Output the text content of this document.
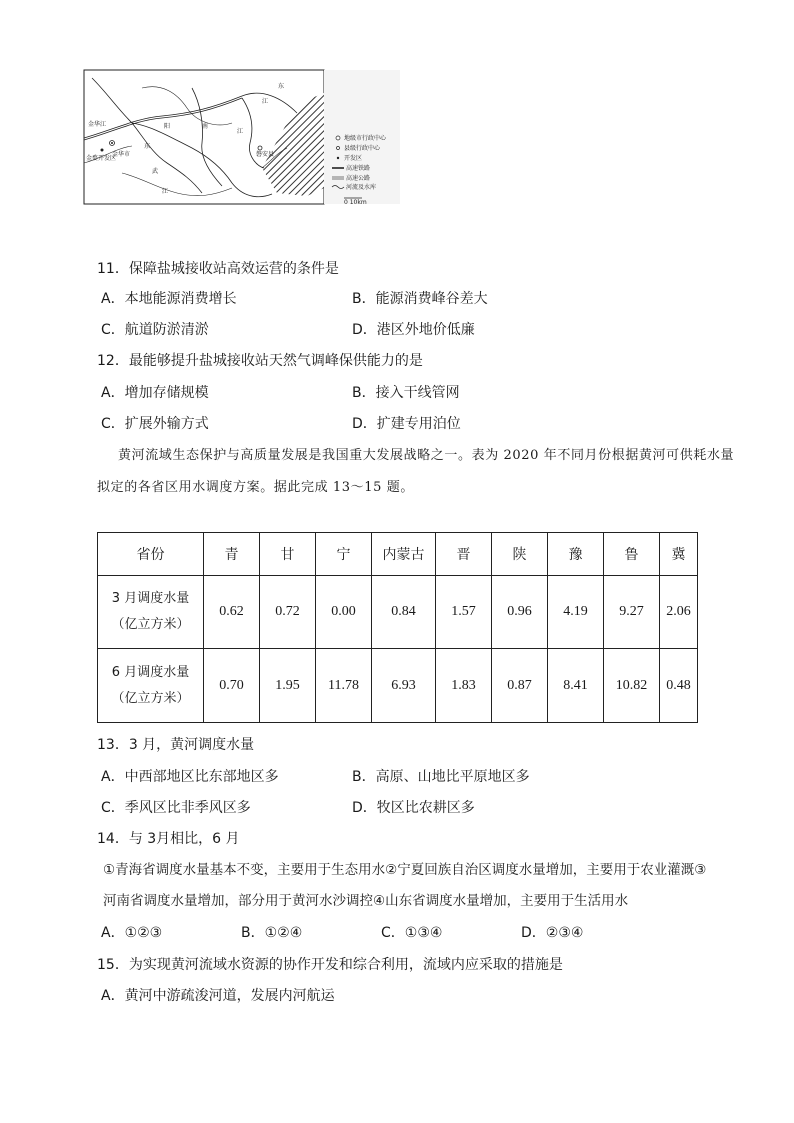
金华江
金婺开发区
金华市
东
阳
武
江
南
江
江
东
磐安县
地级市行政中心
县级行政中心
开发区
高速铁路
高速公路
河流及水库
0 10km
11．保障盐城接收站高效运营的条件是
A．本地能源消费增长	B．能源消费峰谷差大
C．航道防淤清淤	D．港区外地价低廉
12．最能够提升盐城接收站天然气调峰保供能力的是
A．增加存储规模	B．接入干线管网
C．扩展外输方式	D．扩建专用泊位
黄河流域生态保护与高质量发展是我国重大发展战略之一。表为 2020 年不同月份根据黄河可供耗水量
拟定的各省区用水调度方案。据此完成 13～15 题。
省份	青	甘	宁	内蒙古	晋	陕	豫	鲁	冀

3 月调度水量
（亿立方米）	0.62	0.72	0.00	0.84	1.57	0.96	4.19	9.27	2.06

6 月调度水量
（亿立方米）	0.70	1.95	11.78	6.93	1.83	0.87	8.41	10.82	0.48
13．3 月，黄河调度水量
A．中西部地区比东部地区多	B．高原、山地比平原地区多
C．季风区比非季风区多	D．牧区比农耕区多
14．与 3月相比，6 月
①青海省调度水量基本不变，主要用于生态用水②宁夏回族自治区调度水量增加，主要用于农业灌溉③
河南省调度水量增加，部分用于黄河水沙调控④山东省调度水量增加，主要用于生活用水
A．①②③	B．①②④	C．①③④	D．②③④
15．为实现黄河流域水资源的协作开发和综合利用，流域内应采取的措施是
A．黄河中游疏浚河道，发展内河航运
